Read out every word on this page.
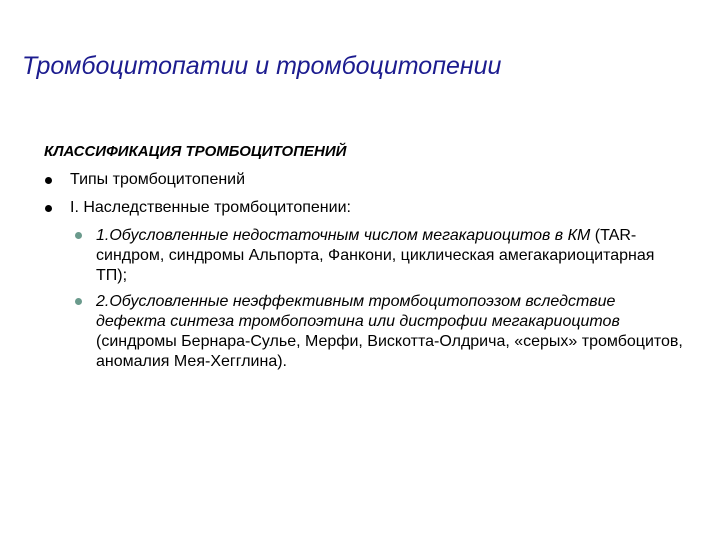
Тромбоцитопатии и тромбоцитопении
КЛАССИФИКАЦИЯ ТРОМБОЦИТОПЕНИЙ
Типы тромбоцитопений
I. Наследственные тромбоцитопении:
1.Обусловленные недостаточным числом мегакариоцитов в КМ (TAR-синдром, синдромы Альпорта, Фанкони, циклическая амегакариоцитарная ТП);
2.Обусловленные неэффективным тромбоцитопоэзом вследствие дефекта синтеза тромбопоэтина или дистрофии мегакариоцитов (синдромы Бернара-Сулье, Мерфи, Вискотта-Олдрича, «серых» тромбоцитов, аномалия Мея-Хегглина).
